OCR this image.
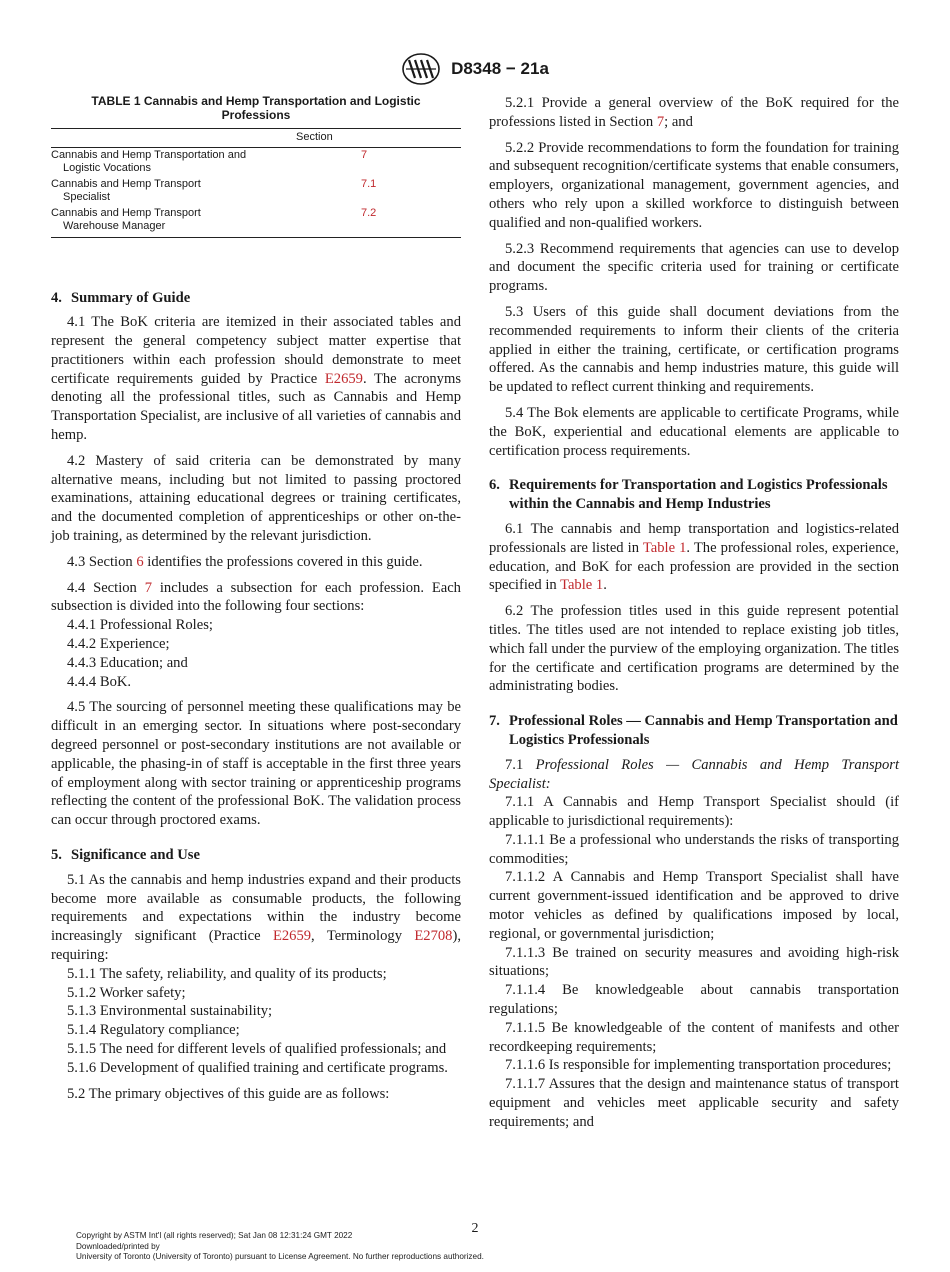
D8348 − 21a
TABLE 1 Cannabis and Hemp Transportation and Logistic
Professions
Section	
Cannabis and Hemp Transportation and
Logistic Vocations	7
Cannabis and Hemp Transport
Specialist	7.1
Cannabis and Hemp Transport
Warehouse Manager	7.2
4. Summary of Guide

4.1 The BoK criteria are itemized in their associated tables and represent the general competency subject matter expertise that practitioners within each profession should demonstrate to meet certificate requirements guided by Practice E2659. The acronyms denoting all the professional titles, such as Cannabis and Hemp Transportation Specialist, are inclusive of all varieties of cannabis and hemp.

4.2 Mastery of said criteria can be demonstrated by many alternative means, including but not limited to passing proctored examinations, attaining educational degrees or training certificates, and the documented completion of apprenticeships or other on-the-job training, as determined by the relevant jurisdiction.

4.3 Section 6 identifies the professions covered in this guide.

4.4 Section 7 includes a subsection for each profession. Each subsection is divided into the following four sections:

4.4.1 Professional Roles;
4.4.2 Experience;
4.4.3 Education; and
4.4.4 BoK.

4.5 The sourcing of personnel meeting these qualifications may be difficult in an emerging sector. In situations where post-secondary degreed personnel or post-secondary institutions are not available or applicable, the phasing-in of staff is acceptable in the first three years of employment along with sector training or apprenticeship programs reflecting the content of the professional BoK. The validation process can occur through proctored exams.

5. Significance and Use

5.1 As the cannabis and hemp industries expand and their products become more available as consumable products, the following requirements and expectations within the industry become increasingly significant (Practice E2659, Terminology E2708), requiring:

5.1.1 The safety, reliability, and quality of its products;
5.1.2 Worker safety;
5.1.3 Environmental sustainability;
5.1.4 Regulatory compliance;
5.1.5 The need for different levels of qualified professionals; and
5.1.6 Development of qualified training and certificate programs.

5.2 The primary objectives of this guide are as follows:

5.2.1 Provide a general overview of the BoK required for the professions listed in Section 7; and

5.2.2 Provide recommendations to form the foundation for training and subsequent recognition/certificate systems that enable consumers, employers, organizational management, government agencies, and others who rely upon a skilled workforce to distinguish between qualified and non-qualified workers.

5.2.3 Recommend requirements that agencies can use to develop and document the specific criteria used for training or certificate programs.

5.3 Users of this guide shall document deviations from the recommended requirements to inform their clients of the criteria applied in either the training, certificate, or certification programs offered. As the cannabis and hemp industries mature, this guide will be updated to reflect current thinking and requirements.

5.4 The Bok elements are applicable to certificate Programs, while the BoK, experiential and educational elements are applicable to certification process requirements.

6. Requirements for Transportation and Logistics Professionals within the Cannabis and Hemp Industries

6.1 The cannabis and hemp transportation and logistics-related professionals are listed in Table 1. The professional roles, experience, education, and BoK for each profession are provided in the section specified in Table 1.

6.2 The profession titles used in this guide represent potential titles. The titles used are not intended to replace existing job titles, which fall under the purview of the employing organization. The titles for the certificate and certification programs are determined by the administrating bodies.

7. Professional Roles — Cannabis and Hemp Transportation and Logistics Professionals

7.1 Professional Roles — Cannabis and Hemp Transport Specialist:

7.1.1 A Cannabis and Hemp Transport Specialist should (if applicable to jurisdictional requirements):
7.1.1.1 Be a professional who understands the risks of transporting commodities;
7.1.1.2 A Cannabis and Hemp Transport Specialist shall have current government-issued identification and be approved to drive motor vehicles as defined by qualifications imposed by local, regional, or governmental jurisdiction;
7.1.1.3 Be trained on security measures and avoiding high-risk situations;
7.1.1.4 Be knowledgeable about cannabis transportation regulations;
7.1.1.5 Be knowledgeable of the content of manifests and other recordkeeping requirements;
7.1.1.6 Is responsible for implementing transportation procedures;
7.1.1.7 Assures that the design and maintenance status of transport equipment and vehicles meet applicable security and safety requirements; and
2
Copyright by ASTM Int'l (all rights reserved); Sat Jan 08 12:31:24 GMT 2022
Downloaded/printed by
University of Toronto (University of Toronto) pursuant to License Agreement. No further reproductions authorized.
